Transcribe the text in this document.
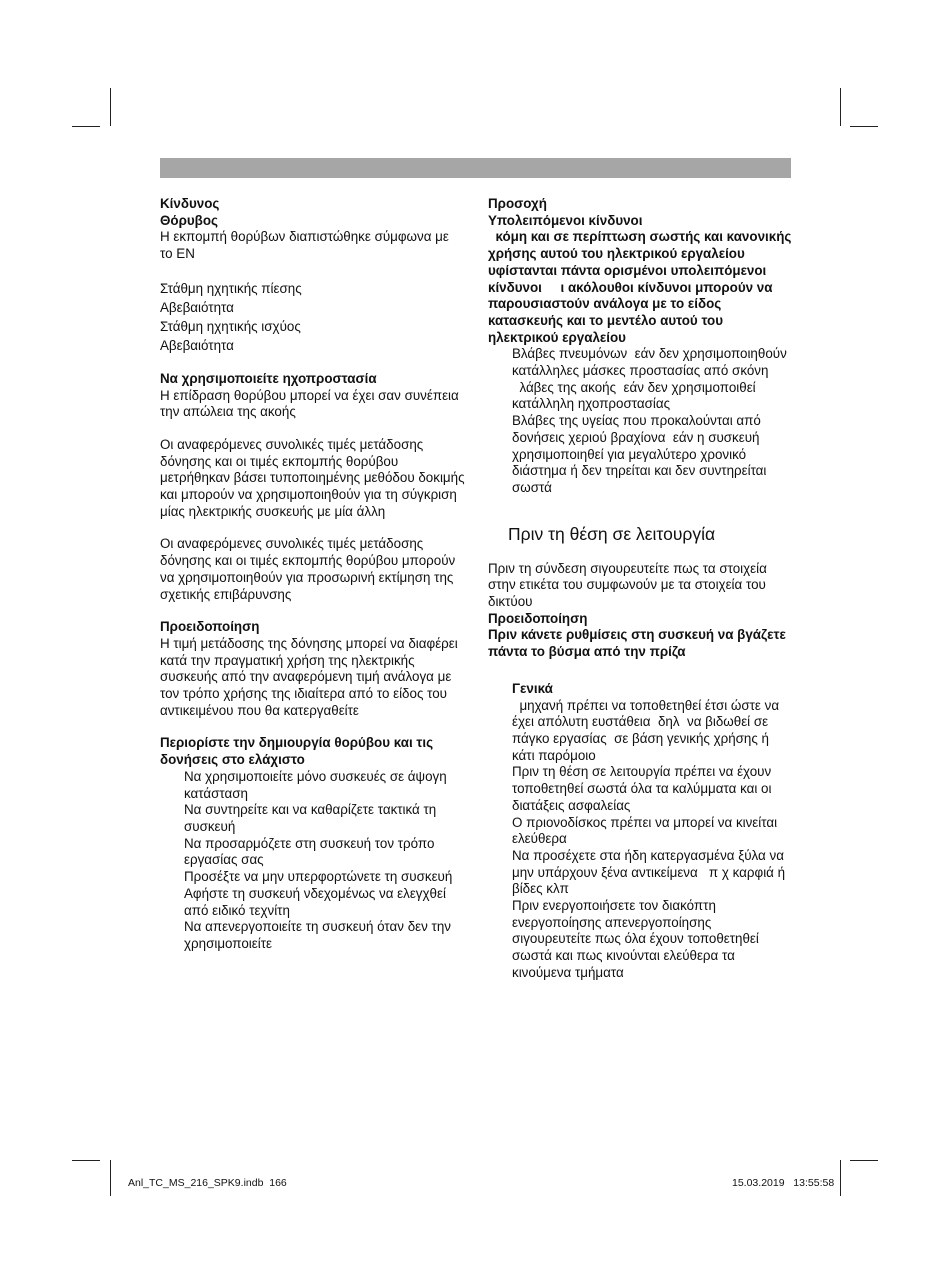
Κίνδυνος

Θόρυβος

Η εκπομπή θορύβων διαπιστώθηκε σύμφωνα με το EN

Στάθμη ηχητικής πίεσης

Αβεβαιότητα

Στάθμη ηχητικής ισχύος

Αβεβαιότητα

Να χρησιμοποιείτε ηχοπροστασία

Η επίδραση θορύβου μπορεί να έχει σαν συνέπεια την απώλεια της ακοής

Οι αναφερόμενες συνολικές τιμές μετάδοσης δόνησης και οι τιμές εκπομπής θορύβου μετρήθηκαν βάσει τυποποιημένης μεθόδου δοκιμής και μπορούν να χρησιμοποιηθούν για τη σύγκριση μίας ηλεκτρικής συσκευής με μία άλλη

Οι αναφερόμενες συνολικές τιμές μετάδοσης δόνησης και οι τιμές εκπομπής θορύβου μπορούν να χρησιμοποιηθούν για προσωρινή εκτίμηση της σχετικής επιβάρυνσης

Προειδοποίηση

Η τιμή μετάδοσης της δόνησης μπορεί να διαφέρει κατά την πραγματική χρήση της ηλεκτρικής συσκευής από την αναφερόμενη τιμή ανάλογα με τον τρόπο χρήσης της ιδιαίτερα από το είδος του αντικειμένου που θα κατεργαθείτε

Περιορίστε την δημιουργία θορύβου και τις δονήσεις στο ελάχιστο

Να χρησιμοποιείτε μόνο συσκευές σε άψογη κατάσταση

Να συντηρείτε και να καθαρίζετε τακτικά τη συσκευή

Να προσαρμόζετε στη συσκευή τον τρόπο εργασίας σας

Προσέξτε να μην υπερφορτώνετε τη συσκευή

Αφήστε τη συσκευή νδεχομένως να ελεγχθεί από ειδικό τεχνίτη

Να απενεργοποιείτε τη συσκευή όταν δεν την χρησιμοποιείτε

Προσοχή

Υπολειπόμενοι κίνδυνοι

κόμη και σε περίπτωση σωστής και κανονικής χρήσης αυτού του ηλεκτρικού εργαλείου  υφίστανται πάντα ορισμένοι υπολειπόμενοι κίνδυνοι     ι ακόλουθοι κίνδυνοι μπορούν να παρουσιαστούν ανάλογα με το είδος κατασκευής και το μεντέλο αυτού του ηλεκτρικού εργαλείου

Βλάβες πνευμόνων  εάν δεν χρησιμοποιηθούν κατάλληλες μάσκες προστασίας από σκόνη

λάβες της ακοής  εάν δεν χρησιμοποιθεί κατάλληλη ηχοπροστασίας

Βλάβες της υγείας που προκαλούνται από δονήσεις χεριού βραχίονα  εάν η συσκευή χρησιμοποιηθεί για μεγαλύτερο χρονικό διάστημα ή δεν τηρείται και δεν συντηρείται σωστά

Πριν τη θέση σε λειτουργία

Πριν τη σύνδεση σιγουρευτείτε πως τα στοιχεία στην ετικέτα του συμφωνούν με τα στοιχεία του δικτύου

Προειδοποίηση

Πριν κάνετε ρυθμίσεις στη συσκευή να βγάζετε πάντα το βύσμα από την πρίζα

Γενικά

μηχανή πρέπει να τοποθετηθεί έτσι ώστε να έχει απόλυτη ευστάθεια  δηλ  να βιδωθεί σε πάγκο εργασίας  σε βάση γενικής χρήσης ή κάτι παρόμοιο

Πριν τη θέση σε λειτουργία πρέπει να έχουν τοποθετηθεί σωστά όλα τα καλύμματα και οι διατάξεις ασφαλείας

Ο πριονοδίσκος πρέπει να μπορεί να κινείται ελεύθερα

Να προσέχετε στα ήδη κατεργασμένα ξύλα να μην υπάρχουν ξένα αντικείμενα   π χ καρφιά ή βίδες κλπ

Πριν ενεργοποιήσετε τον διακόπτη ενεργοποίησης απενεργοποίησης σιγουρευτείτε πως όλα έχουν τοποθετηθεί σωστά και πως κινούνται ελεύθερα τα κινούμενα τμήματα

Anl_TC_MS_216_SPK9.indb  166	15.03.2019   13:55:58
